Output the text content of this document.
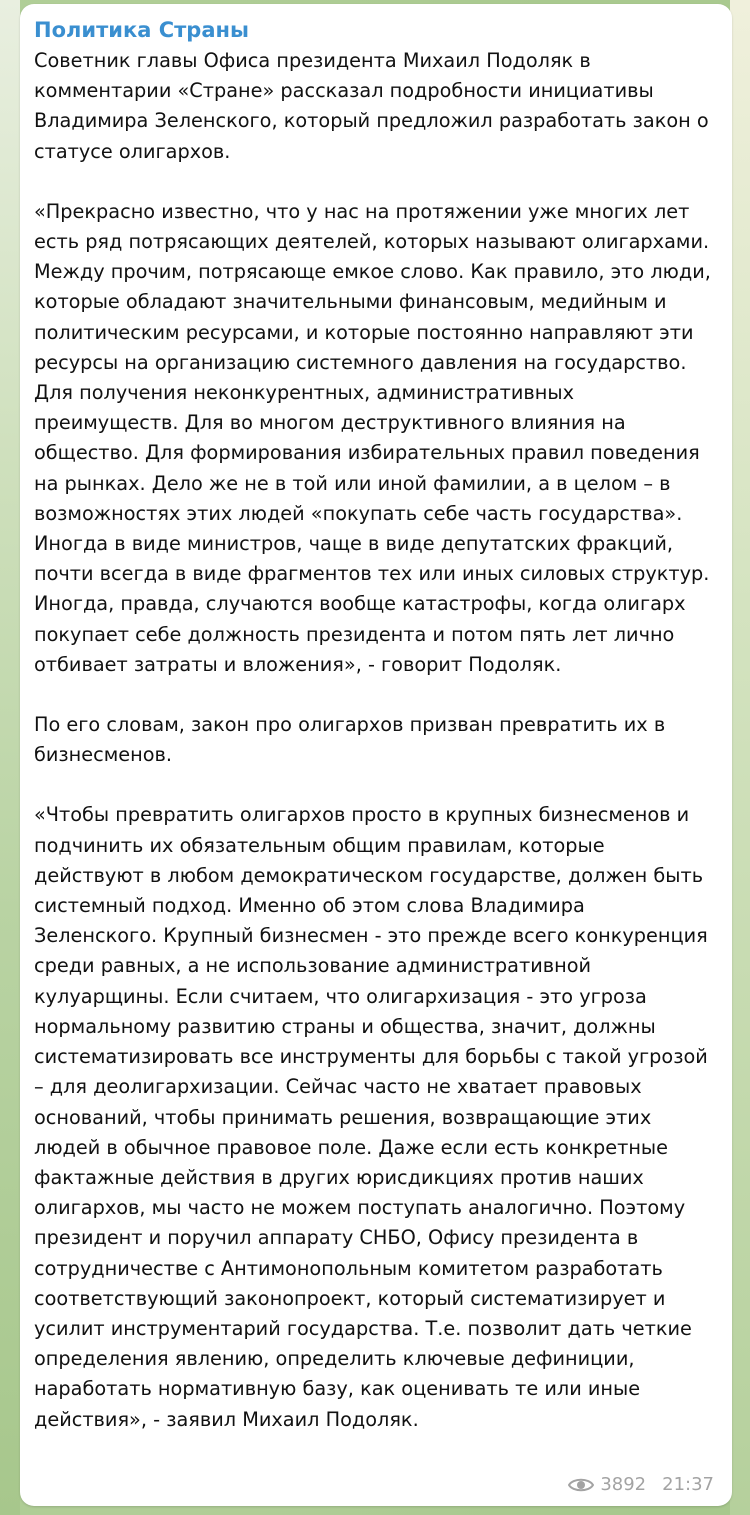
Политика Страны

Советник главы Офиса президента Михаил Подоляк в комментарии «Стране» рассказал подробности инициативы Владимира Зеленского, который предложил разработать закон о статусе олигархов.

«Прекрасно известно, что у нас на протяжении уже многих лет есть ряд потрясающих деятелей, которых называют олигархами. Между прочим, потрясающе емкое слово. Как правило, это люди, которые обладают значительными финансовым, медийным и политическим ресурсами, и которые постоянно направляют эти ресурсы на организацию системного давления на государство. Для получения неконкурентных, административных преимуществ. Для во многом деструктивного влияния на общество. Для формирования избирательных правил поведения на рынках. Дело же не в той или иной фамилии, а в целом – в возможностях этих людей «покупать себе часть государства». Иногда в виде министров, чаще в виде депутатских фракций, почти всегда в виде фрагментов тех или иных силовых структур. Иногда, правда, случаются вообще катастрофы, когда олигарх покупает себе должность президента и потом пять лет лично отбивает затраты и вложения», - говорит Подоляк.

По его словам, закон про олигархов призван превратить их в бизнесменов.

«Чтобы превратить олигархов просто в крупных бизнесменов и подчинить их обязательным общим правилам, которые действуют в любом демократическом государстве, должен быть системный подход. Именно об этом слова Владимира Зеленского. Крупный бизнесмен - это прежде всего конкуренция среди равных, а не использование административной кулуарщины. Если считаем, что олигархизация - это угроза нормальному развитию страны и общества, значит, должны систематизировать все инструменты для борьбы с такой угрозой – для деолигархизации. Сейчас часто не хватает правовых оснований, чтобы принимать решения, возвращающие этих людей в обычное правовое поле. Даже если есть конкретные фактажные действия в других юрисдикциях против наших олигархов, мы часто не можем поступать аналогично. Поэтому президент и поручил аппарату СНБО, Офису президента в сотрудничестве с Антимонопольным комитетом разработать соответствующий законопроект, который систематизирует и усилит инструментарий государства. Т.е. позволит дать четкие определения явлению, определить ключевые дефиниции, наработать нормативную базу, как оценивать те или иные действия», - заявил Михаил Подоляк.

3892 21:37
